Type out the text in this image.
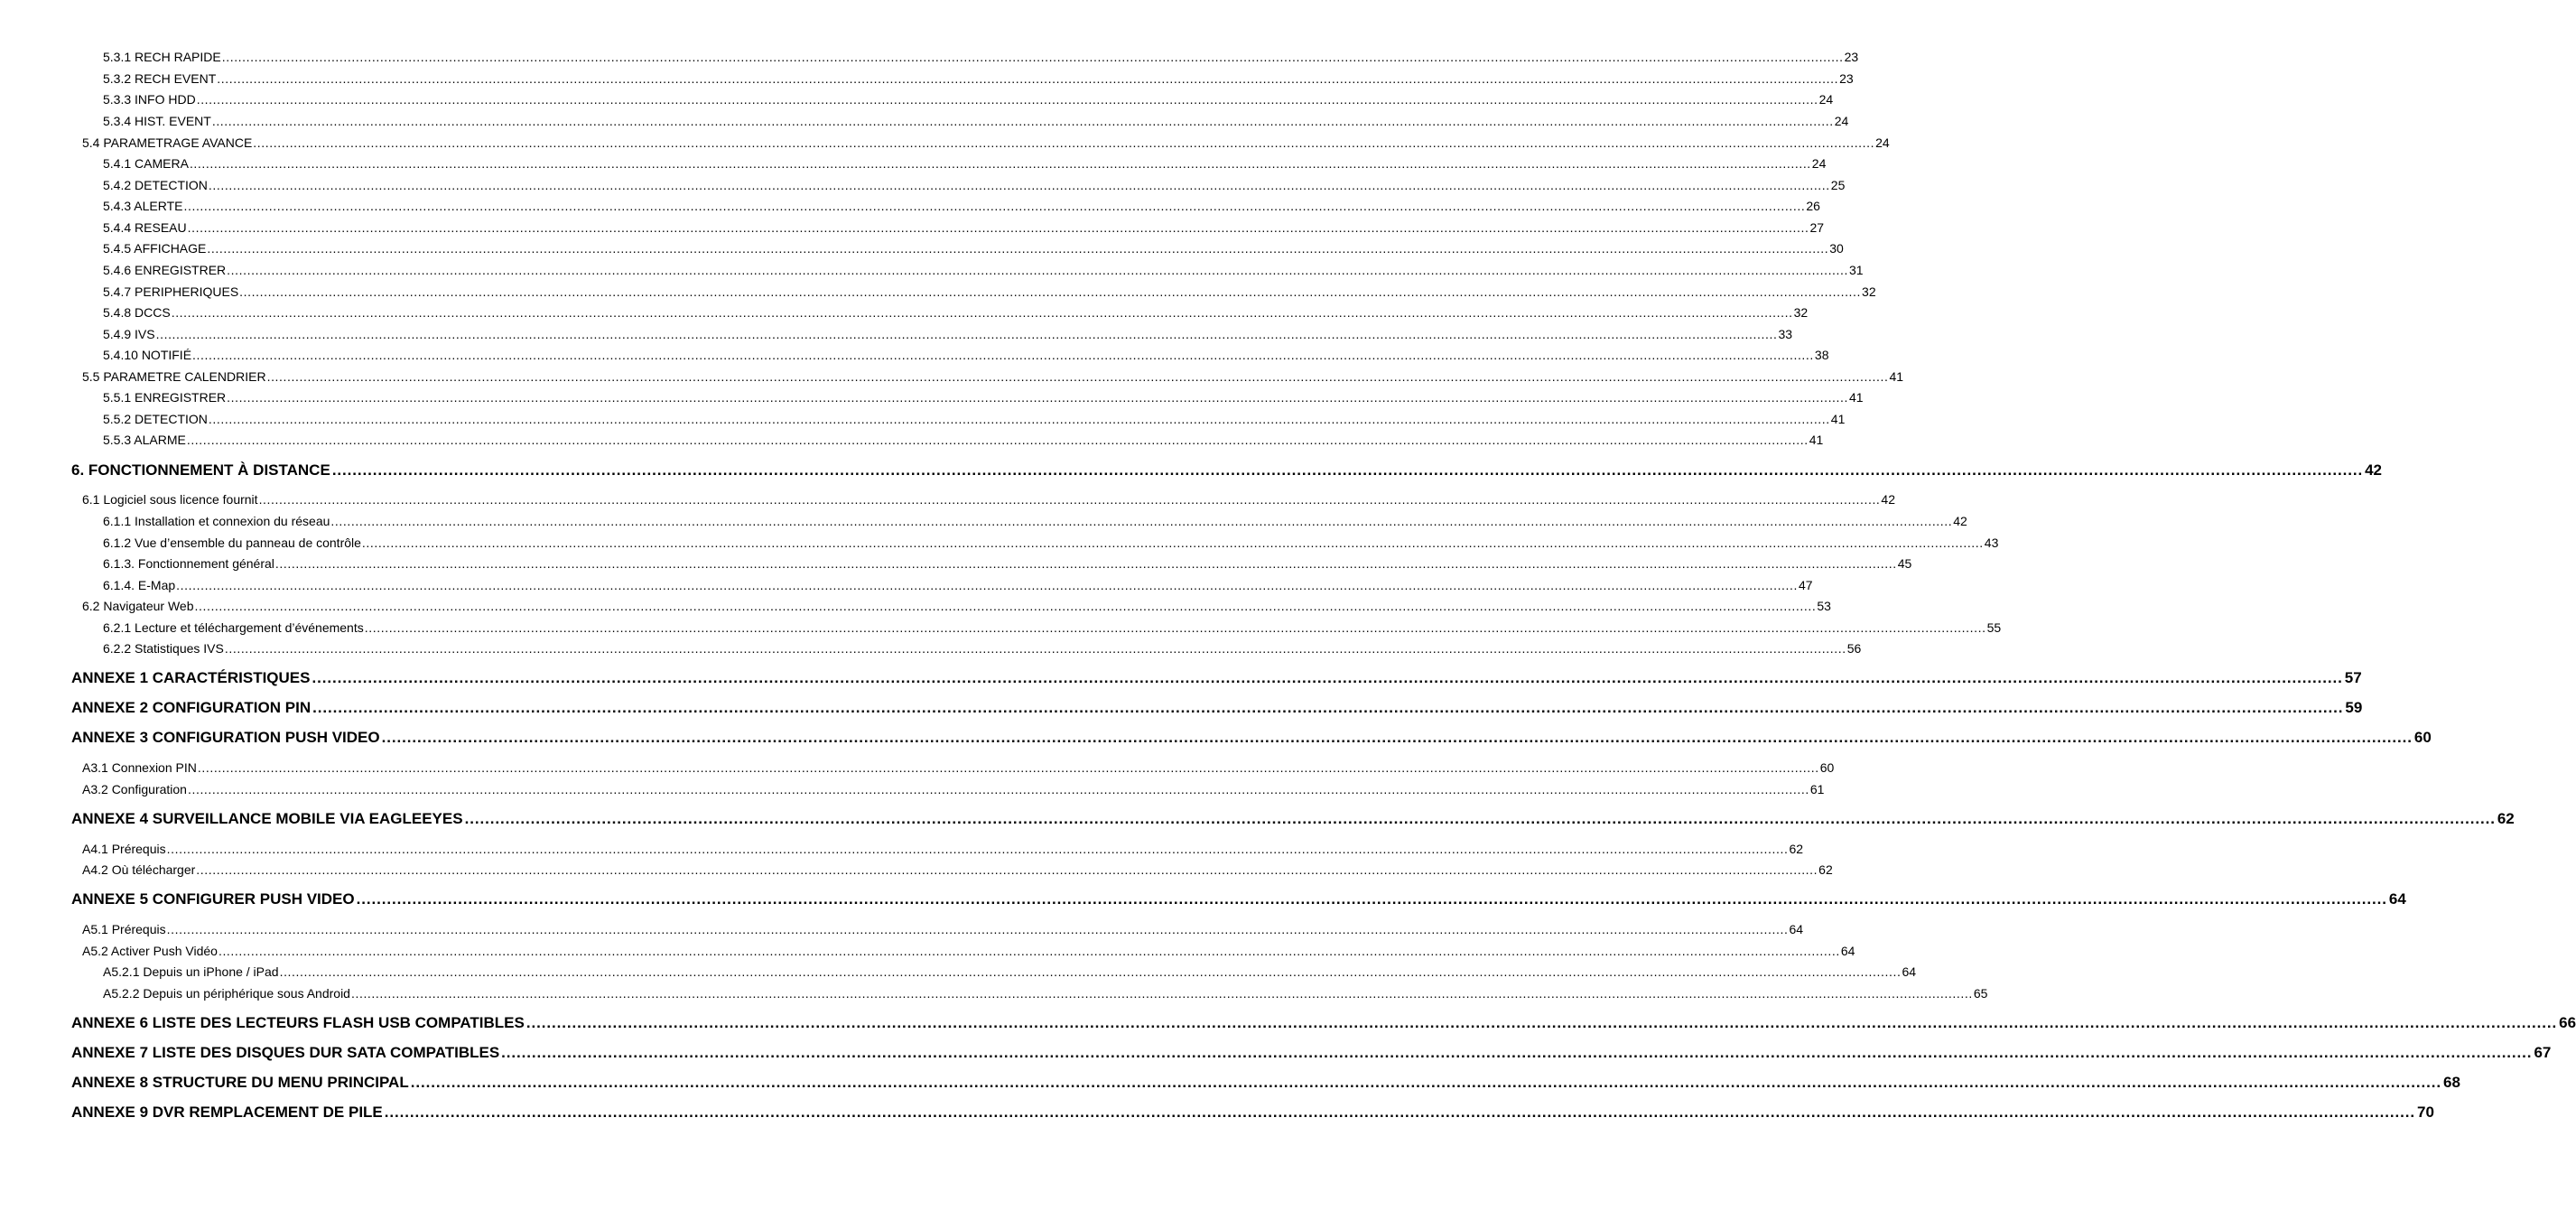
5.3.1 RECH RAPIDE ................................................................................................................................................................................................................................................................................................................................................................................................................ 23
5.3.2 RECH EVENT ................................................................................................................................................................................................................................................................................................................................................................................................................ 23
5.3.3 INFO HDD ................................................................................................................................................................................................................................................................................................................................................................................................................ 24
5.3.4 HIST. EVENT ................................................................................................................................................................................................................................................................................................................................................................................................................ 24
5.4 PARAMETRAGE AVANCE ................................................................................................................................................................................................................................................................................................................................................................................................................ 24
5.4.1 CAMERA ................................................................................................................................................................................................................................................................................................................................................................................................................ 24
5.4.2 DETECTION ................................................................................................................................................................................................................................................................................................................................................................................................................ 25
5.4.3 ALERTE ................................................................................................................................................................................................................................................................................................................................................................................................................ 26
5.4.4 RESEAU ................................................................................................................................................................................................................................................................................................................................................................................................................ 27
5.4.5 AFFICHAGE ................................................................................................................................................................................................................................................................................................................................................................................................................ 30
5.4.6 ENREGISTRER ................................................................................................................................................................................................................................................................................................................................................................................................................ 31
5.4.7 PERIPHERIQUES ................................................................................................................................................................................................................................................................................................................................................................................................................ 32
5.4.8 DCCS ................................................................................................................................................................................................................................................................................................................................................................................................................ 32
5.4.9 IVS ................................................................................................................................................................................................................................................................................................................................................................................................................ 33
5.4.10 NOTIFIÉ ................................................................................................................................................................................................................................................................................................................................................................................................................ 38
5.5 PARAMETRE CALENDRIER ................................................................................................................................................................................................................................................................................................................................................................................................................ 41
5.5.1 ENREGISTRER ................................................................................................................................................................................................................................................................................................................................................................................................................ 41
5.5.2 DETECTION ................................................................................................................................................................................................................................................................................................................................................................................................................ 41
5.5.3 ALARME ................................................................................................................................................................................................................................................................................................................................................................................................................ 41
6. FONCTIONNEMENT À DISTANCE ................................................................................................................................................................................................................................................................................................................................................................................................................ 42
6.1 Logiciel sous licence fournit ................................................................................................................................................................................................................................................................................................................................................................................................................ 42
6.1.1 Installation et connexion du réseau ................................................................................................................................................................................................................................................................................................................................................................................................................ 42
6.1.2 Vue d’ensemble du panneau de contrôle ................................................................................................................................................................................................................................................................................................................................................................................................................ 43
6.1.3. Fonctionnement général ................................................................................................................................................................................................................................................................................................................................................................................................................ 45
6.1.4. E-Map ................................................................................................................................................................................................................................................................................................................................................................................................................ 47
6.2 Navigateur Web ................................................................................................................................................................................................................................................................................................................................................................................................................ 53
6.2.1 Lecture et téléchargement d’événements ................................................................................................................................................................................................................................................................................................................................................................................................................ 55
6.2.2 Statistiques IVS ................................................................................................................................................................................................................................................................................................................................................................................................................ 56
ANNEXE 1 CARACTÉRISTIQUES ................................................................................................................................................................................................................................................................................................................................................................................................................ 57
ANNEXE 2 CONFIGURATION PIN ................................................................................................................................................................................................................................................................................................................................................................................................................ 59
ANNEXE 3 CONFIGURATION PUSH VIDEO ................................................................................................................................................................................................................................................................................................................................................................................................................ 60
A3.1 Connexion PIN ................................................................................................................................................................................................................................................................................................................................................................................................................ 60
A3.2 Configuration ................................................................................................................................................................................................................................................................................................................................................................................................................ 61
ANNEXE 4 SURVEILLANCE MOBILE VIA EAGLEEYES ................................................................................................................................................................................................................................................................................................................................................................................................................ 62
A4.1 Prérequis ................................................................................................................................................................................................................................................................................................................................................................................................................ 62
A4.2 Où télécharger ................................................................................................................................................................................................................................................................................................................................................................................................................ 62
ANNEXE 5 CONFIGURER PUSH VIDEO ................................................................................................................................................................................................................................................................................................................................................................................................................ 64
A5.1 Prérequis ................................................................................................................................................................................................................................................................................................................................................................................................................ 64
A5.2 Activer Push Vidéo ................................................................................................................................................................................................................................................................................................................................................................................................................ 64
A5.2.1 Depuis un iPhone / iPad ................................................................................................................................................................................................................................................................................................................................................................................................................ 64
A5.2.2 Depuis un périphérique sous Android ................................................................................................................................................................................................................................................................................................................................................................................................................ 65
ANNEXE 6 LISTE DES LECTEURS FLASH USB COMPATIBLES ................................................................................................................................................................................................................................................................................................................................................................................................................ 66
ANNEXE 7 LISTE DES DISQUES DUR SATA COMPATIBLES ................................................................................................................................................................................................................................................................................................................................................................................................................ 67
ANNEXE 8 STRUCTURE DU MENU PRINCIPAL ................................................................................................................................................................................................................................................................................................................................................................................................................ 68
ANNEXE 9 DVR REMPLACEMENT DE PILE ................................................................................................................................................................................................................................................................................................................................................................................................................ 70
